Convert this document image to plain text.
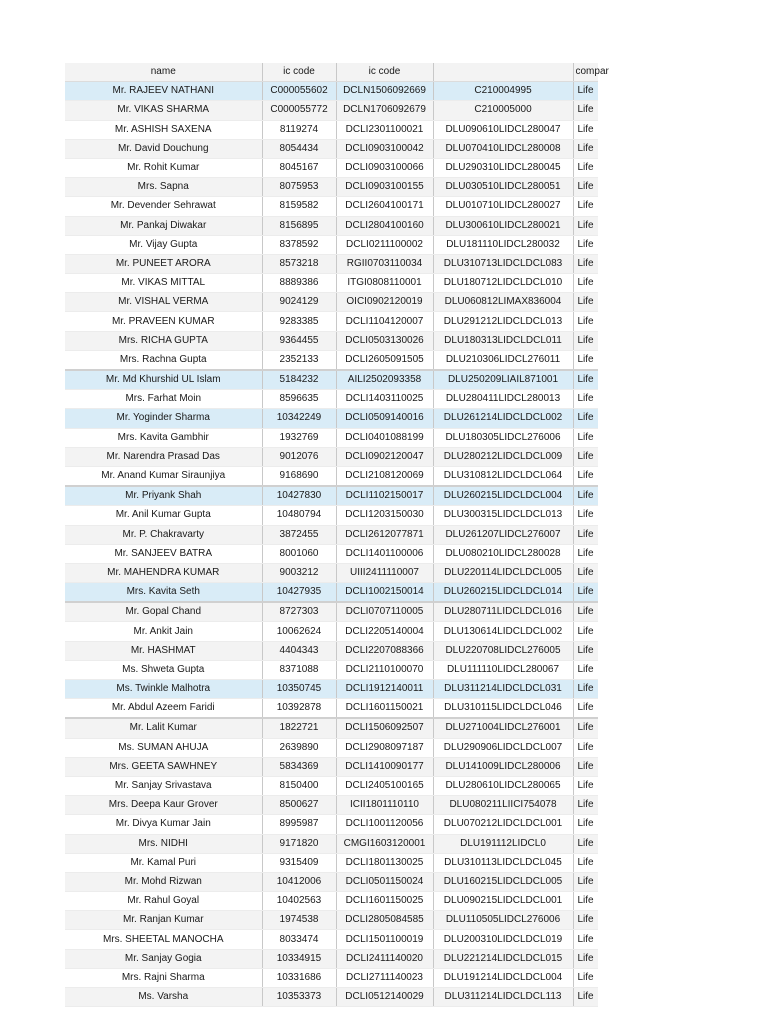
name	ic code	ic code		compar
Mr. RAJEEV NATHANI	C000055602	DCLN1506092669	C210004995	Life
Mr. VIKAS SHARMA	C000055772	DCLN1706092679	C210005000	Life
Mr. ASHISH SAXENA	8119274	DCLI2301100021	DLU090610LIDCL280047	Life
Mr. David Douchung	8054434	DCLI0903100042	DLU070410LIDCL280008	Life
Mr. Rohit Kumar	8045167	DCLI0903100066	DLU290310LIDCL280045	Life
Mrs. Sapna	8075953	DCLI0903100155	DLU030510LIDCL280051	Life
Mr. Devender Sehrawat	8159582	DCLI2604100171	DLU010710LIDCL280027	Life
Mr. Pankaj Diwakar	8156895	DCLI2804100160	DLU300610LIDCL280021	Life
Mr. Vijay Gupta	8378592	DCLI0211100002	DLU181110LIDCL280032	Life
Mr. PUNEET ARORA	8573218	RGII0703110034	DLU310713LIDCLDCL083	Life
Mr. VIKAS MITTAL	8889386	ITGI0808110001	DLU180712LIDCLDCL010	Life
Mr. VISHAL VERMA	9024129	OICI0902120019	DLU060812LIMAX836004	Life
Mr. PRAVEEN KUMAR	9283385	DCLI1104120007	DLU291212LIDCLDCL013	Life
Mrs. RICHA GUPTA	9364455	DCLI0503130026	DLU180313LIDCLDCL011	Life
Mrs. Rachna Gupta	2352133	DCLI2605091505	DLU210306LIDCL276011	Life
Mr. Md Khurshid UL Islam	5184232	AILI2502093358	DLU250209LIAIL871001	Life
Mrs. Farhat Moin	8596635	DCLI1403110025	DLU280411LIDCL280013	Life
Mr. Yoginder Sharma	10342249	DCLI0509140016	DLU261214LIDCLDCL002	Life
Mrs. Kavita Gambhir	1932769	DCLI0401088199	DLU180305LIDCL276006	Life
Mr. Narendra Prasad Das	9012076	DCLI0902120047	DLU280212LIDCLDCL009	Life
Mr. Anand Kumar Siraunjiya	9168690	DCLI2108120069	DLU310812LIDCLDCL064	Life
Mr. Priyank Shah	10427830	DCLI1102150017	DLU260215LIDCLDCL004	Life
Mr. Anil Kumar Gupta	10480794	DCLI1203150030	DLU300315LIDCLDCL013	Life
Mr. P. Chakravarty	3872455	DCLI2612077871	DLU261207LIDCL276007	Life
Mr. SANJEEV BATRA	8001060	DCLI1401100006	DLU080210LIDCL280028	Life
Mr. MAHENDRA KUMAR	9003212	UIII2411110007	DLU220114LIDCLDCL005	Life
Mrs. Kavita Seth	10427935	DCLI1002150014	DLU260215LIDCLDCL014	Life
Mr. Gopal Chand	8727303	DCLI0707110005	DLU280711LIDCLDCL016	Life
Mr. Ankit Jain	10062624	DCLI2205140004	DLU130614LIDCLDCL002	Life
Mr. HASHMAT	4404343	DCLI2207088366	DLU220708LIDCL276005	Life
Ms. Shweta Gupta	8371088	DCLI2110100070	DLU111110LIDCL280067	Life
Ms. Twinkle Malhotra	10350745	DCLI1912140011	DLU311214LIDCLDCL031	Life
Mr. Abdul Azeem Faridi	10392878	DCLI1601150021	DLU310115LIDCLDCL046	Life
Mr. Lalit Kumar	1822721	DCLI1506092507	DLU271004LIDCL276001	Life
Ms. SUMAN AHUJA	2639890	DCLI2908097187	DLU290906LIDCLDCL007	Life
Mrs. GEETA SAWHNEY	5834369	DCLI1410090177	DLU141009LIDCL280006	Life
Mr. Sanjay Srivastava	8150400	DCLI2405100165	DLU280610LIDCL280065	Life
Mrs. Deepa Kaur Grover	8500627	ICII1801110110	DLU080211LIICI754078	Life
Mr. Divya Kumar Jain	8995987	DCLI1001120056	DLU070212LIDCLDCL001	Life
Mrs. NIDHI	9171820	CMGI1603120001	DLU191112LIDCL0	Life
Mr. Kamal Puri	9315409	DCLI1801130025	DLU310113LIDCLDCL045	Life
Mr. Mohd Rizwan	10412006	DCLI0501150024	DLU160215LIDCLDCL005	Life
Mr. Rahul Goyal	10402563	DCLI1601150025	DLU090215LIDCLDCL001	Life
Mr. Ranjan Kumar	1974538	DCLI2805084585	DLU110505LIDCL276006	Life
Mrs. SHEETAL MANOCHA	8033474	DCLI1501100019	DLU200310LIDCLDCL019	Life
Mr. Sanjay Gogia	10334915	DCLI2411140020	DLU221214LIDCLDCL015	Life
Mrs. Rajni Sharma	10331686	DCLI2711140023	DLU191214LIDCLDCL004	Life
Ms. Varsha	10353373	DCLI0512140029	DLU311214LIDCLDCL113	Life
